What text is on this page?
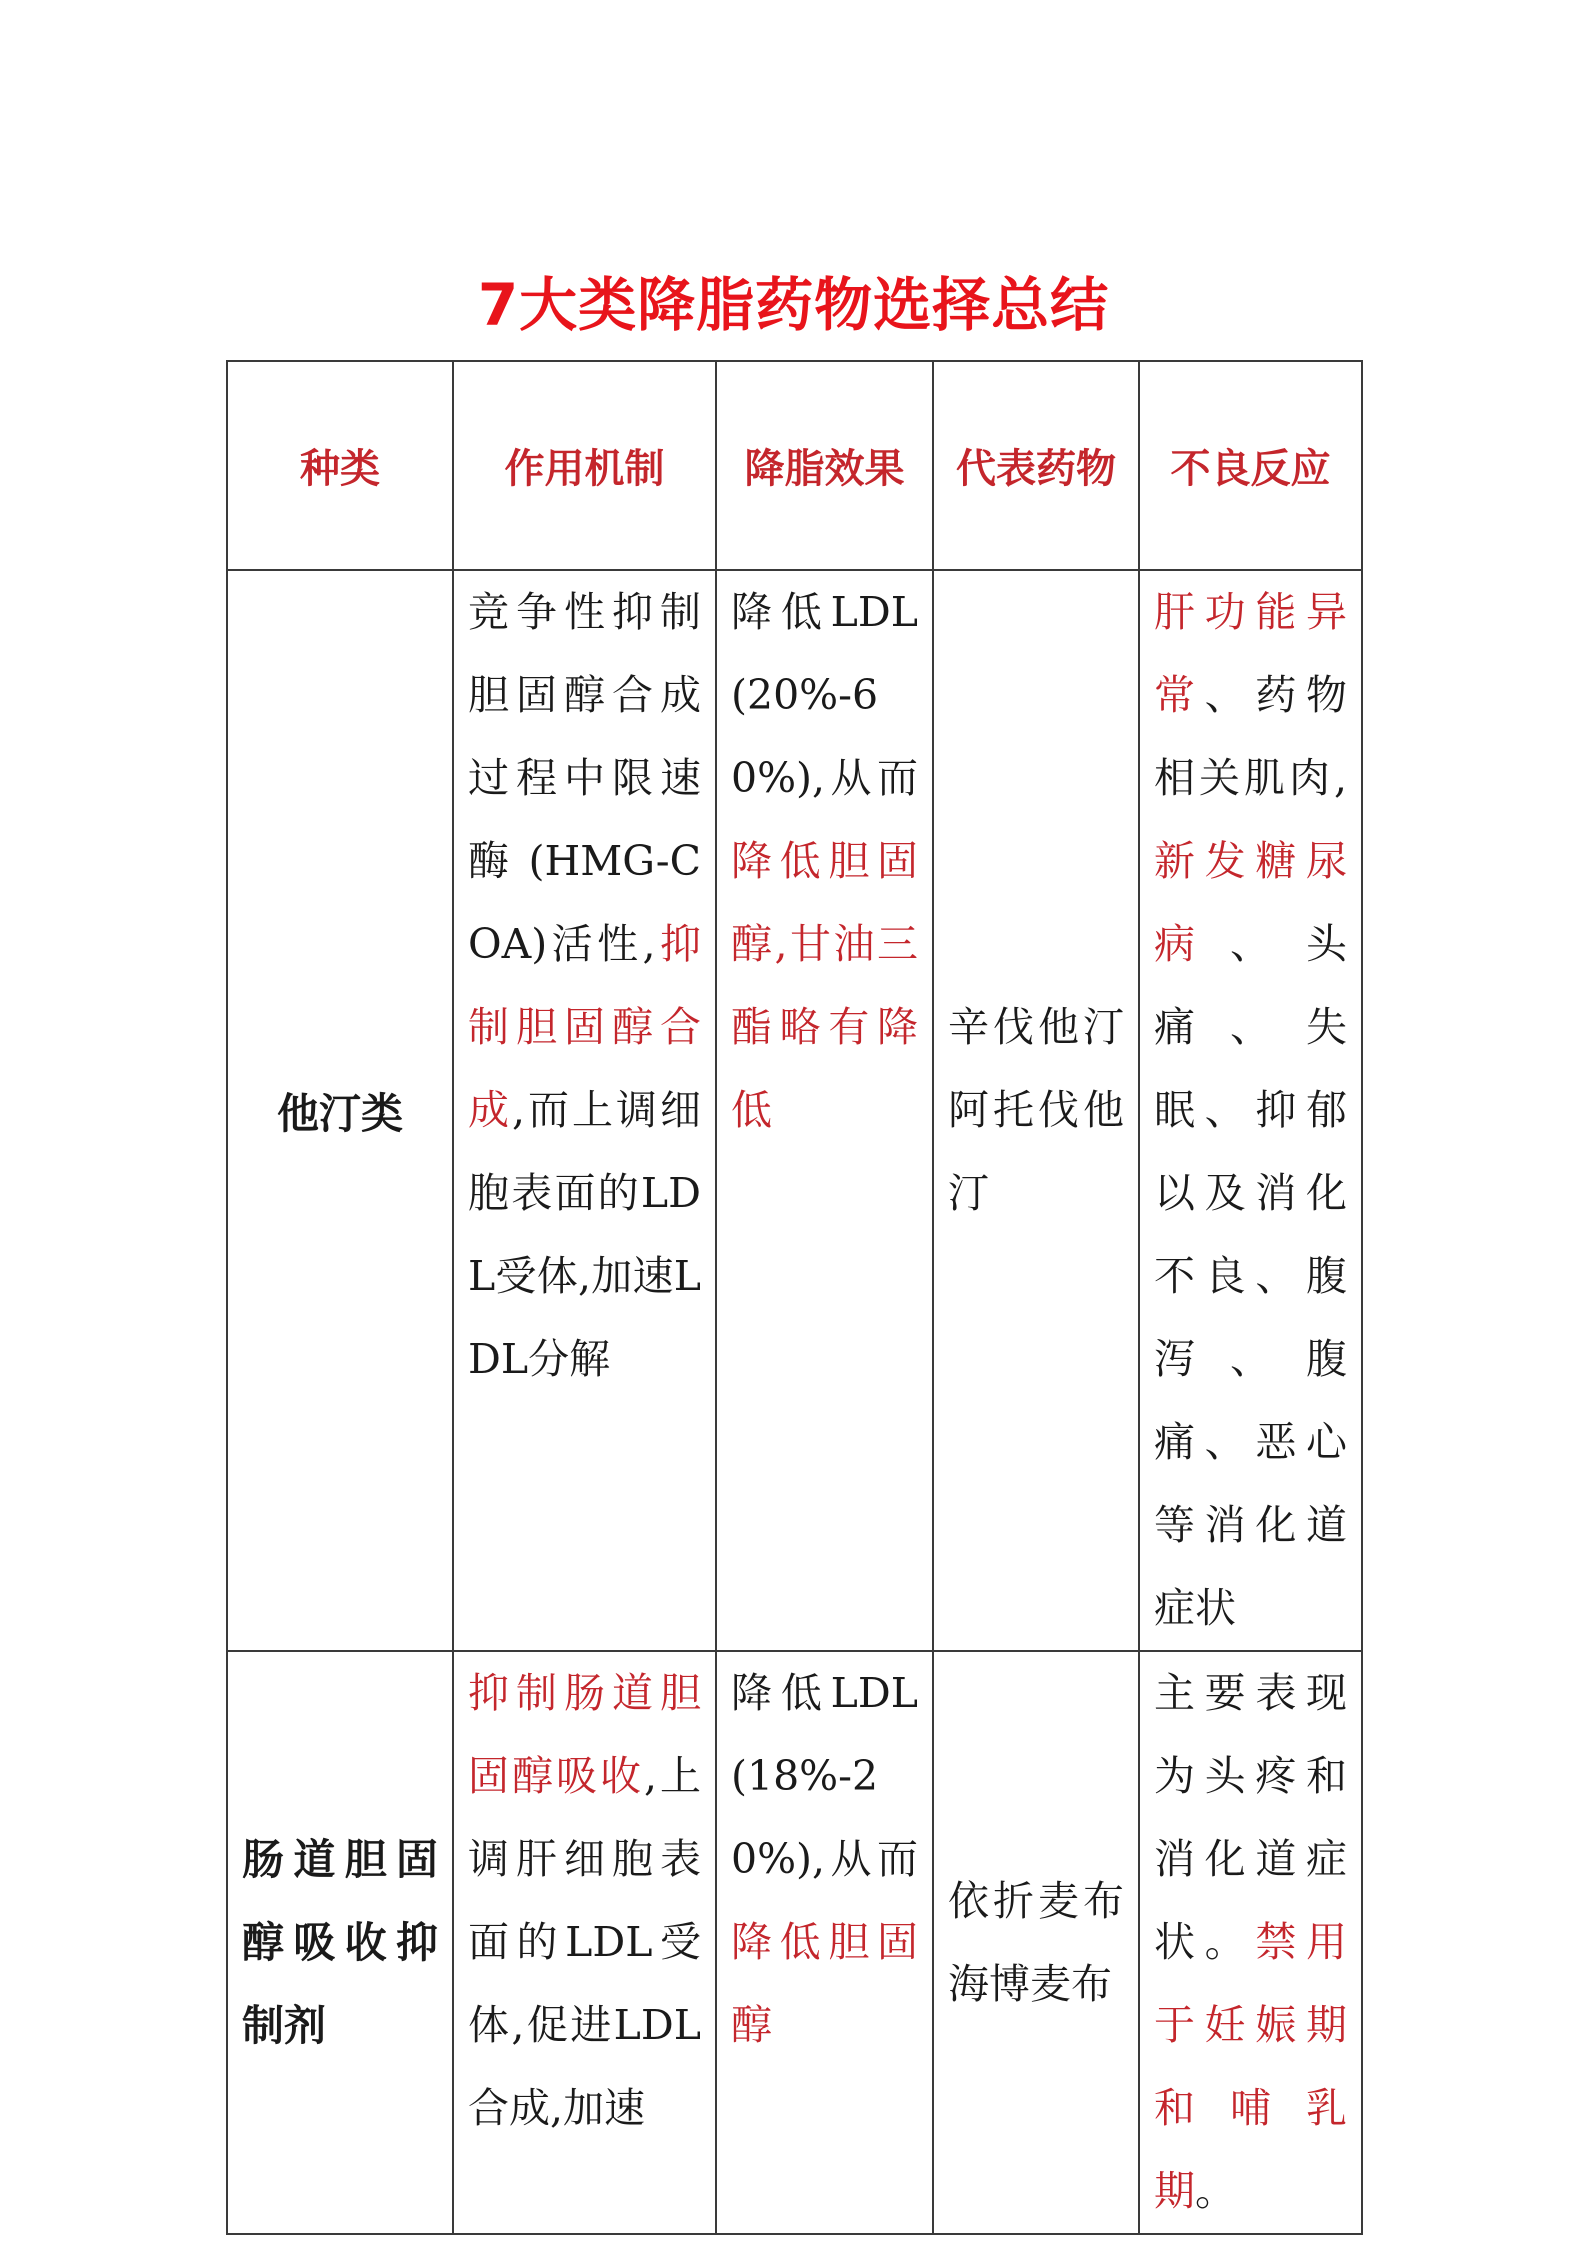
7大类降脂药物选择总结
种类	作用机制	降脂效果	代表药物	不良反应

他汀类	竞争性抑制胆固醇合成过程中限速酶(HMG-COA)活性,抑制胆固醇合成,而上调细胞表面的LDL受体,加速LDL分解	降低LDL(20%-60%),从而降低胆固醇,甘油三酯略有降低	辛伐他汀阿托伐他汀	肝功能异常、药物相关肌肉,新发糖尿病、头痛、失眠、抑郁以及消化不良、腹泻、腹痛、恶心等消化道症状

肠道胆固醇吸收抑制剂	抑制肠道胆固醇吸收,上调肝细胞表面的LDL受体,促进LDL合成,加速	降低LDL(18%-20%),从而降低胆固醇	依折麦布海博麦布	主要表现为头疼和消化道症状。禁用于妊娠期和哺乳期。
